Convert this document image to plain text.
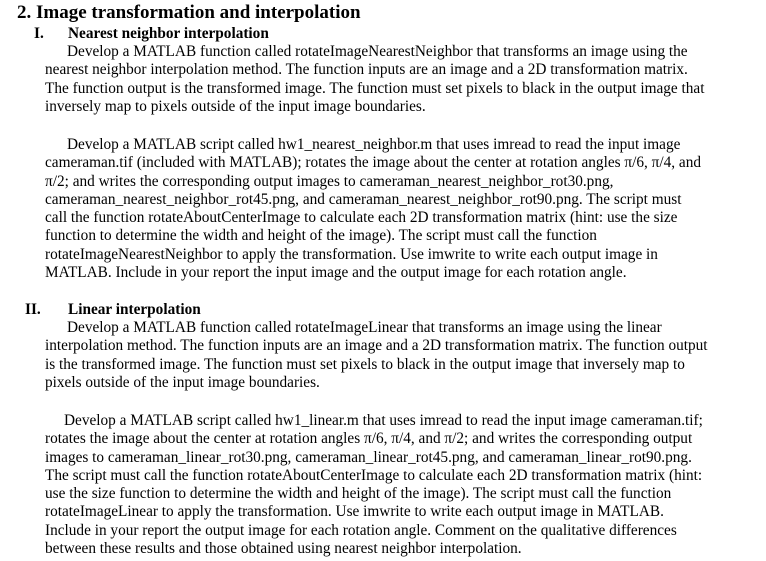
2. Image transformation and interpolation
I. Nearest neighbor interpolation
Develop a MATLAB function called rotateImageNearestNeighbor that transforms an image using the
nearest neighbor interpolation method. The function inputs are an image and a 2D transformation matrix.
The function output is the transformed image. The function must set pixels to black in the output image that
inversely map to pixels outside of the input image boundaries.
Develop a MATLAB script called hw1_nearest_neighbor.m that uses imread to read the input image
cameraman.tif (included with MATLAB); rotates the image about the center at rotation angles π/6, π/4, and
π/2; and writes the corresponding output images to cameraman_nearest_neighbor_rot30.png,
cameraman_nearest_neighbor_rot45.png, and cameraman_nearest_neighbor_rot90.png. The script must
call the function rotateAboutCenterImage to calculate each 2D transformation matrix (hint: use the size
function to determine the width and height of the image). The script must call the function
rotateImageNearestNeighbor to apply the transformation. Use imwrite to write each output image in
MATLAB. Include in your report the input image and the output image for each rotation angle.
II. Linear interpolation
Develop a MATLAB function called rotateImageLinear that transforms an image using the linear
interpolation method. The function inputs are an image and a 2D transformation matrix. The function output
is the transformed image. The function must set pixels to black in the output image that inversely map to
pixels outside of the input image boundaries.
Develop a MATLAB script called hw1_linear.m that uses imread to read the input image cameraman.tif;
rotates the image about the center at rotation angles π/6, π/4, and π/2; and writes the corresponding output
images to cameraman_linear_rot30.png, cameraman_linear_rot45.png, and cameraman_linear_rot90.png.
The script must call the function rotateAboutCenterImage to calculate each 2D transformation matrix (hint:
use the size function to determine the width and height of the image). The script must call the function
rotateImageLinear to apply the transformation. Use imwrite to write each output image in MATLAB.
Include in your report the output image for each rotation angle. Comment on the qualitative differences
between these results and those obtained using nearest neighbor interpolation.
